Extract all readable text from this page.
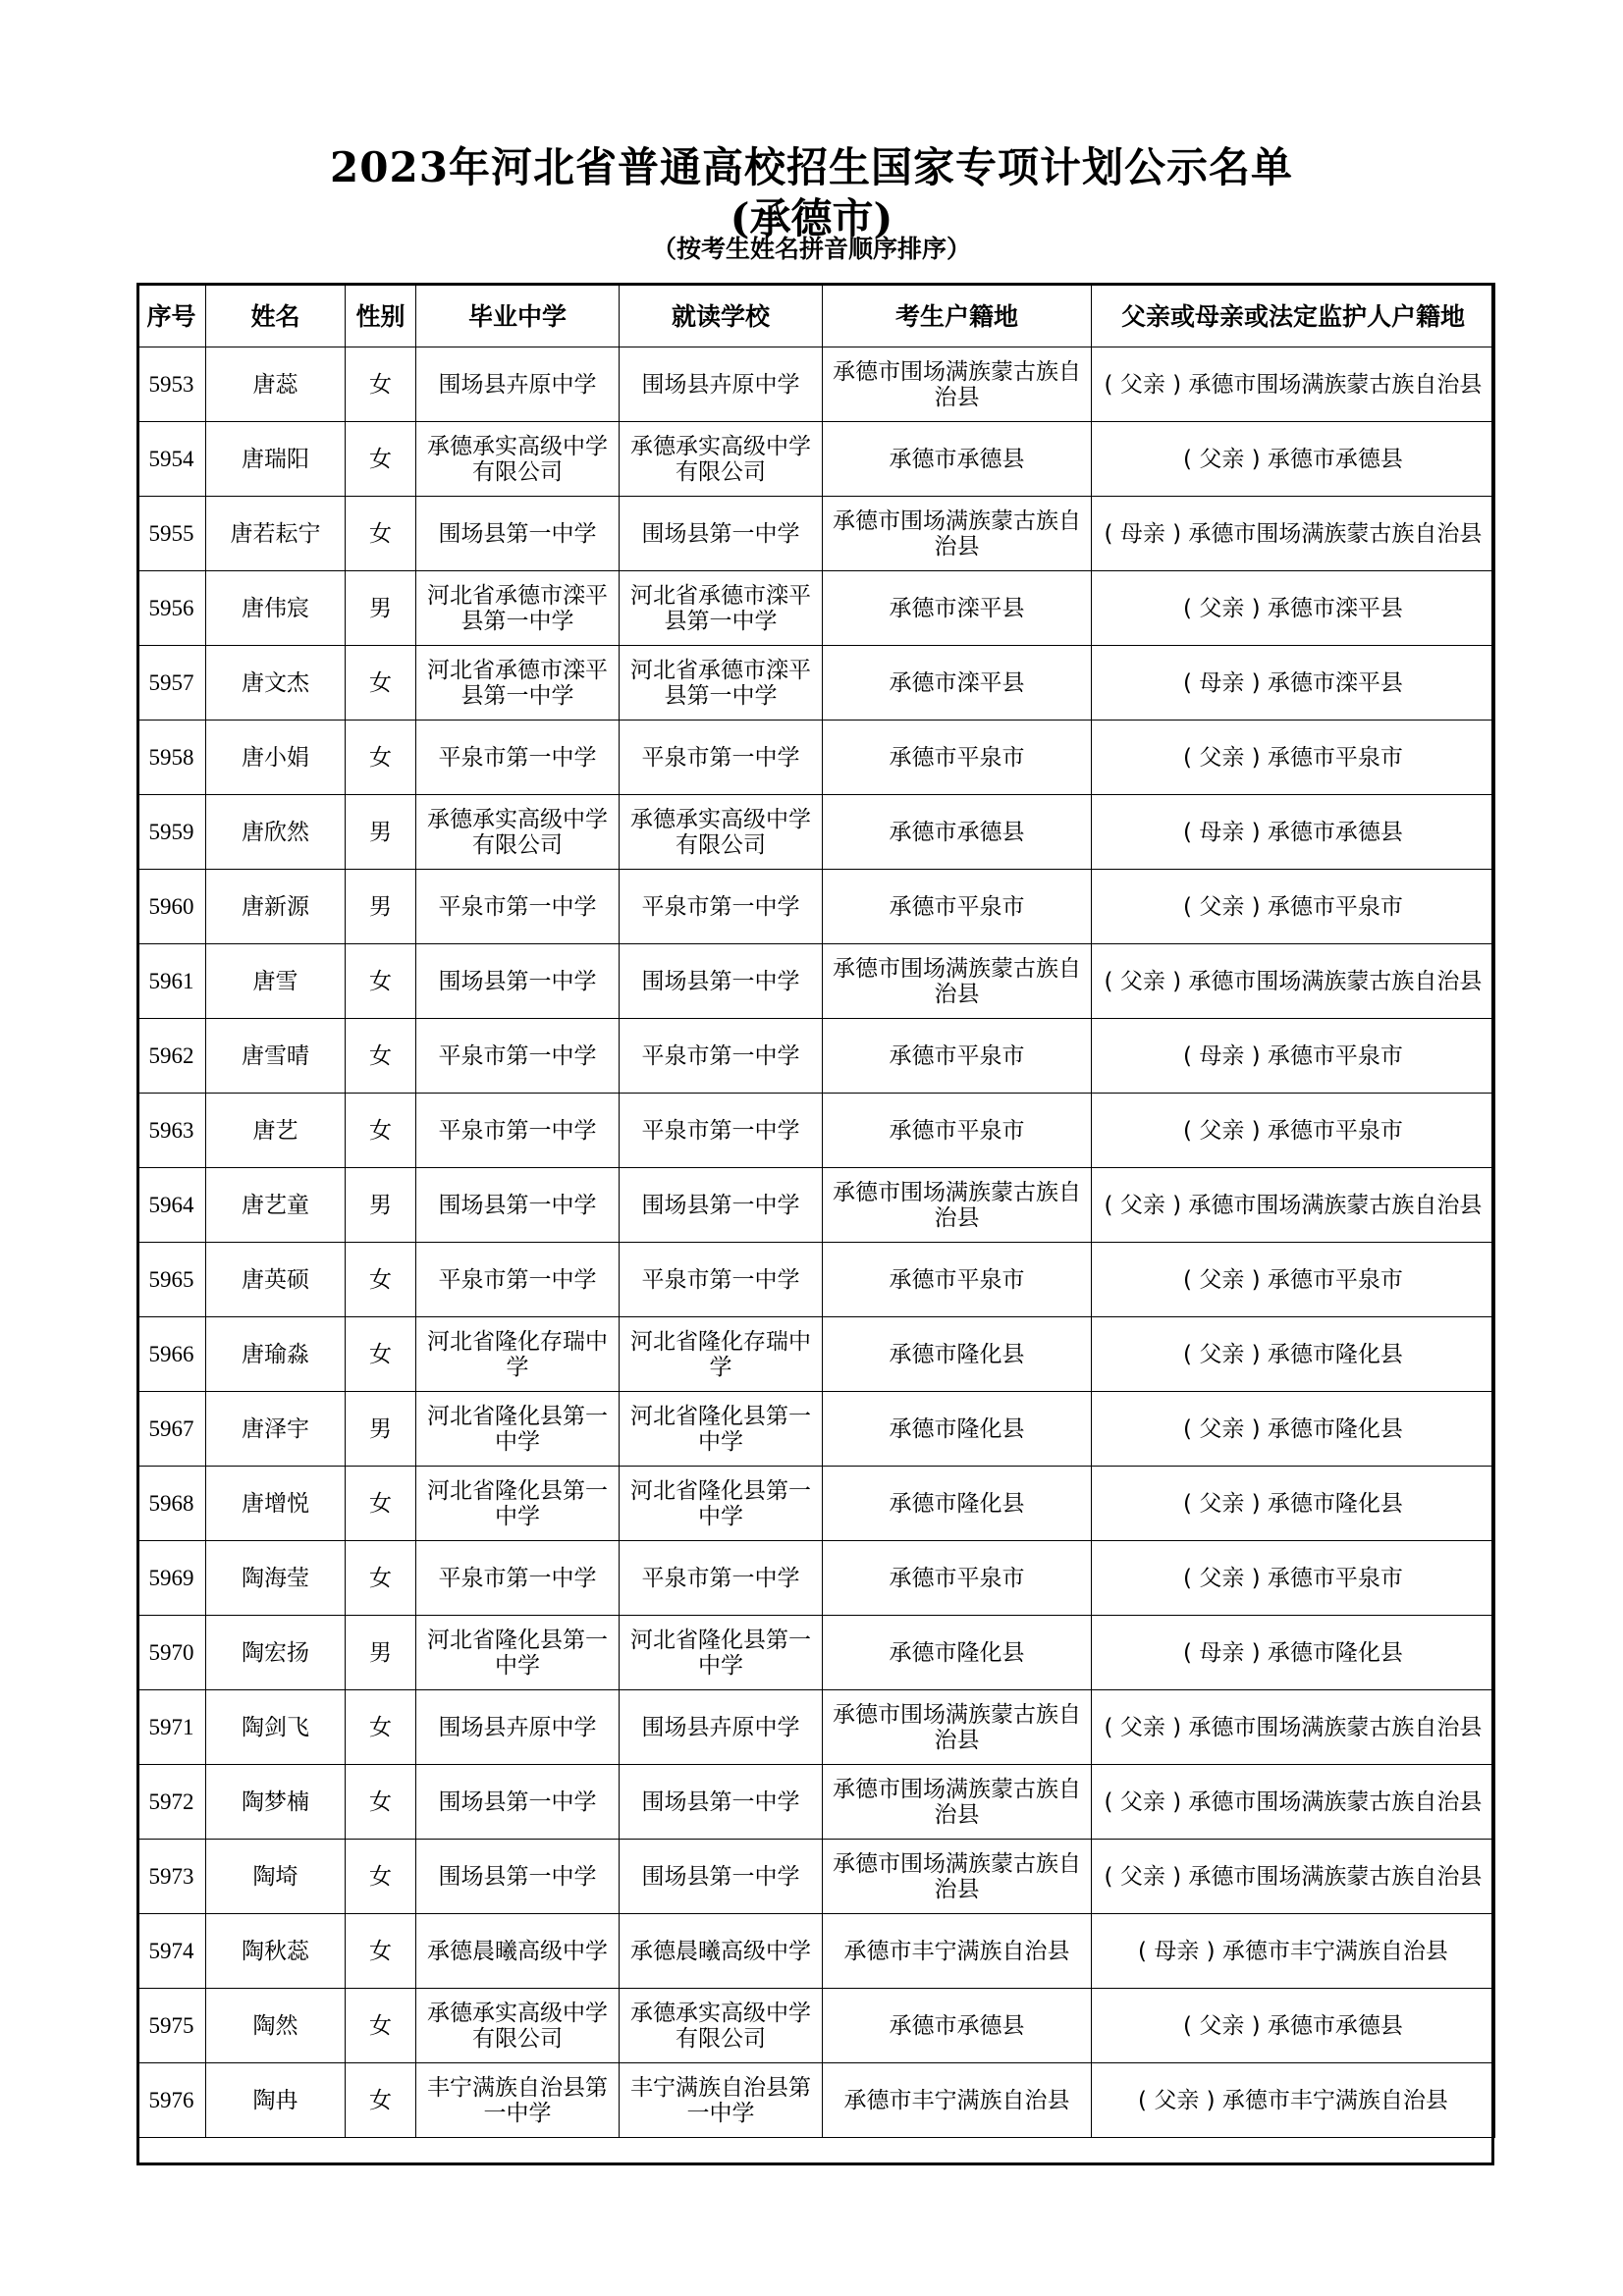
2023年河北省普通高校招生国家专项计划公示名单
(承德市)
（按考生姓名拼音顺序排序）
序号	姓名	性别	毕业中学	就读学校	考生户籍地	父亲或母亲或法定监护人户籍地
5953	唐蕊	女	围场县卉原中学	围场县卉原中学	承德市围场满族蒙古族自治县	( 父亲 ) 承德市围场满族蒙古族自治县
5954	唐瑞阳	女	承德承实高级中学有限公司	承德承实高级中学有限公司	承德市承德县	( 父亲 ) 承德市承德县
5955	唐若耘宁	女	围场县第一中学	围场县第一中学	承德市围场满族蒙古族自治县	( 母亲 ) 承德市围场满族蒙古族自治县
5956	唐伟宸	男	河北省承德市滦平县第一中学	河北省承德市滦平县第一中学	承德市滦平县	( 父亲 ) 承德市滦平县
5957	唐文杰	女	河北省承德市滦平县第一中学	河北省承德市滦平县第一中学	承德市滦平县	( 母亲 ) 承德市滦平县
5958	唐小娟	女	平泉市第一中学	平泉市第一中学	承德市平泉市	( 父亲 ) 承德市平泉市
5959	唐欣然	男	承德承实高级中学有限公司	承德承实高级中学有限公司	承德市承德县	( 母亲 ) 承德市承德县
5960	唐新源	男	平泉市第一中学	平泉市第一中学	承德市平泉市	( 父亲 ) 承德市平泉市
5961	唐雪	女	围场县第一中学	围场县第一中学	承德市围场满族蒙古族自治县	( 父亲 ) 承德市围场满族蒙古族自治县
5962	唐雪晴	女	平泉市第一中学	平泉市第一中学	承德市平泉市	( 母亲 ) 承德市平泉市
5963	唐艺	女	平泉市第一中学	平泉市第一中学	承德市平泉市	( 父亲 ) 承德市平泉市
5964	唐艺童	男	围场县第一中学	围场县第一中学	承德市围场满族蒙古族自治县	( 父亲 ) 承德市围场满族蒙古族自治县
5965	唐英硕	女	平泉市第一中学	平泉市第一中学	承德市平泉市	( 父亲 ) 承德市平泉市
5966	唐瑜淼	女	河北省隆化存瑞中学	河北省隆化存瑞中学	承德市隆化县	( 父亲 ) 承德市隆化县
5967	唐泽宇	男	河北省隆化县第一中学	河北省隆化县第一中学	承德市隆化县	( 父亲 ) 承德市隆化县
5968	唐增悦	女	河北省隆化县第一中学	河北省隆化县第一中学	承德市隆化县	( 父亲 ) 承德市隆化县
5969	陶海莹	女	平泉市第一中学	平泉市第一中学	承德市平泉市	( 父亲 ) 承德市平泉市
5970	陶宏扬	男	河北省隆化县第一中学	河北省隆化县第一中学	承德市隆化县	( 母亲 ) 承德市隆化县
5971	陶剑飞	女	围场县卉原中学	围场县卉原中学	承德市围场满族蒙古族自治县	( 父亲 ) 承德市围场满族蒙古族自治县
5972	陶梦楠	女	围场县第一中学	围场县第一中学	承德市围场满族蒙古族自治县	( 父亲 ) 承德市围场满族蒙古族自治县
5973	陶埼	女	围场县第一中学	围场县第一中学	承德市围场满族蒙古族自治县	( 父亲 ) 承德市围场满族蒙古族自治县
5974	陶秋蕊	女	承德晨曦高级中学	承德晨曦高级中学	承德市丰宁满族自治县	( 母亲 ) 承德市丰宁满族自治县
5975	陶然	女	承德承实高级中学有限公司	承德承实高级中学有限公司	承德市承德县	( 父亲 ) 承德市承德县
5976	陶冉	女	丰宁满族自治县第一中学	丰宁满族自治县第一中学	承德市丰宁满族自治县	( 父亲 ) 承德市丰宁满族自治县
